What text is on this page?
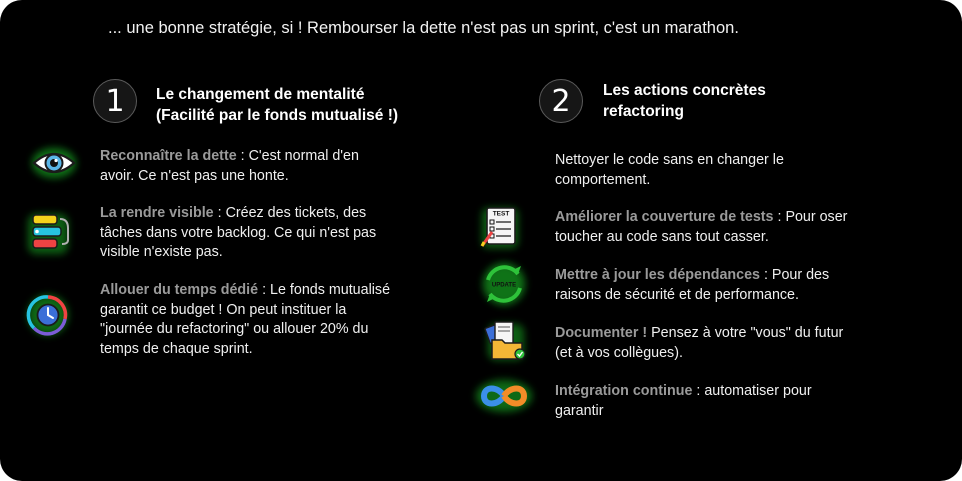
... une bonne stratégie, si ! Rembourser la dette n'est pas un sprint, c'est un marathon.
1	Le changement de mentalité
(Facilité par le fonds mutualisé !)
Reconnaître la dette : C'est normal d'en
avoir. Ce n'est pas une honte.
La rendre visible : Créez des tickets, des
tâches dans votre backlog. Ce qui n'est pas
visible n'existe pas.
Allouer du temps dédié : Le fonds mutualisé
garantit ce budget ! On peut instituer la
"journée du refactoring" ou allouer 20% du
temps de chaque sprint.
2	Les actions concrètes
refactoring
Nettoyer le code sans en changer le
comportement.
TEST	Améliorer la couverture de tests : Pour oser
toucher au code sans tout casser.
UPDATE
Mettre à jour les dépendances : Pour des
raisons de sécurité et de performance.
Documenter ! Pensez à votre "vous" du futur
(et à vos collègues).
Intégration continue : automatiser pour
garantir
